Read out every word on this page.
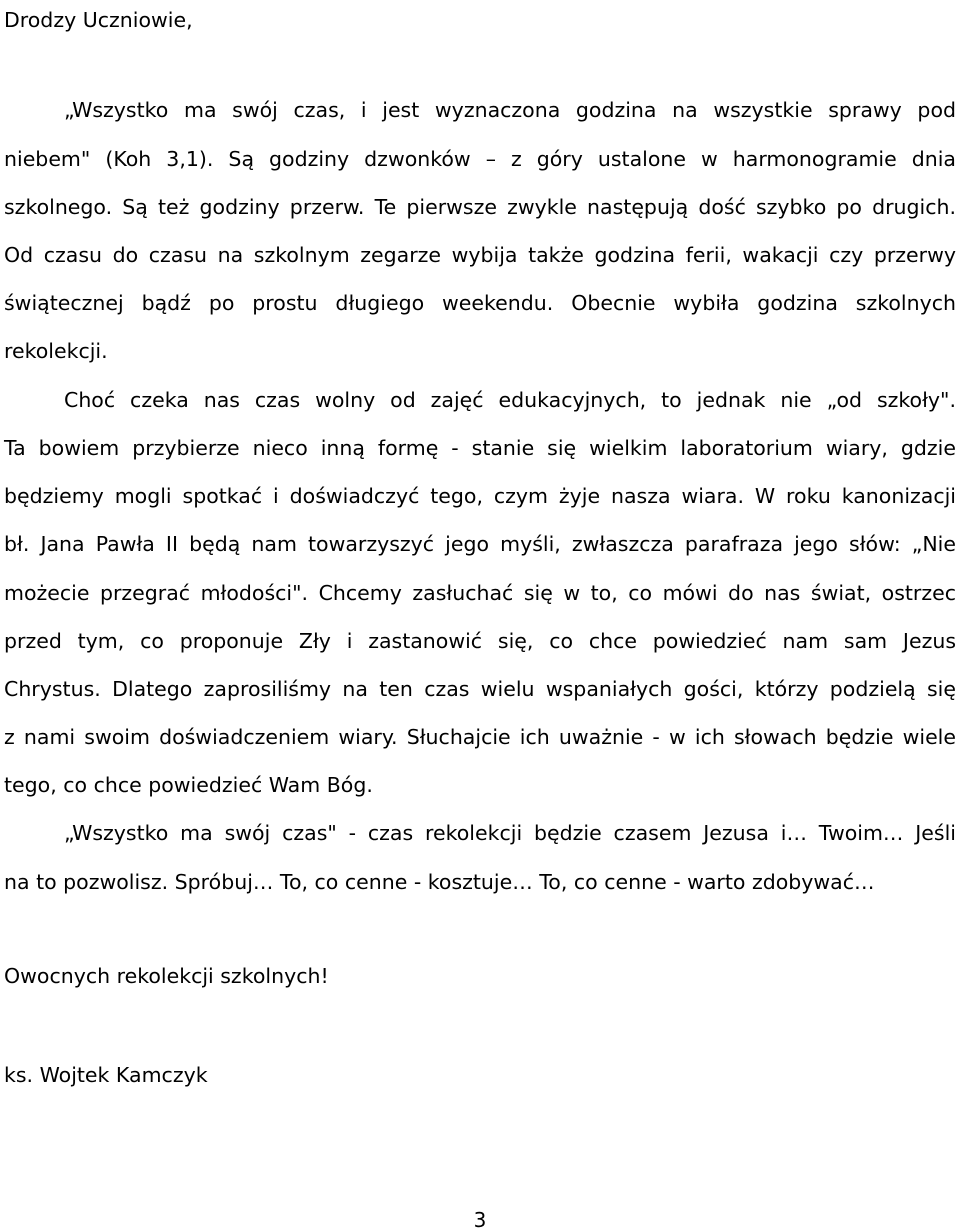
Drodzy Uczniowie,
„Wszystko ma swój czas, i jest wyznaczona godzina na wszystkie sprawy pod
niebem" (Koh 3,1). Są godziny dzwonków – z góry ustalone w harmonogramie dnia
szkolnego. Są też godziny przerw. Te pierwsze zwykle następują dość szybko po drugich.
Od czasu do czasu na szkolnym zegarze wybija także godzina ferii, wakacji czy przerwy
świątecznej bądź po prostu długiego weekendu. Obecnie wybiła godzina szkolnych
rekolekcji.
Choć czeka nas czas wolny od zajęć edukacyjnych, to jednak nie „od szkoły".
Ta bowiem przybierze nieco inną formę - stanie się wielkim laboratorium wiary, gdzie
będziemy mogli spotkać i doświadczyć tego, czym żyje nasza wiara. W roku kanonizacji
bł. Jana Pawła II będą nam towarzyszyć jego myśli, zwłaszcza parafraza jego słów: „Nie
możecie przegrać młodości". Chcemy zasłuchać się w to, co mówi do nas świat, ostrzec
przed tym, co proponuje Zły i zastanowić się, co chce powiedzieć nam sam Jezus
Chrystus. Dlatego zaprosiliśmy na ten czas wielu wspaniałych gości, którzy podzielą się
z nami swoim doświadczeniem wiary. Słuchajcie ich uważnie - w ich słowach będzie wiele
tego, co chce powiedzieć Wam Bóg.
„Wszystko ma swój czas" - czas rekolekcji będzie czasem Jezusa i… Twoim… Jeśli
na to pozwolisz. Spróbuj… To, co cenne - kosztuje… To, co cenne - warto zdobywać…
Owocnych rekolekcji szkolnych!
ks. Wojtek Kamczyk
3
